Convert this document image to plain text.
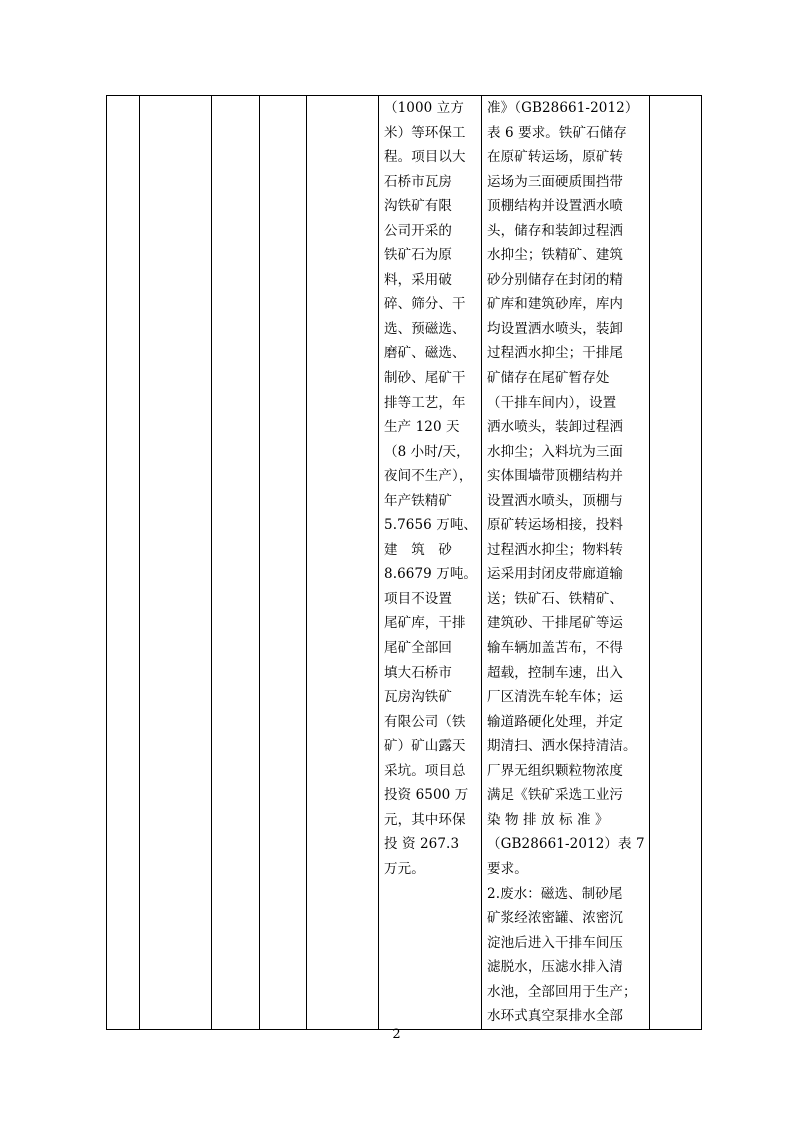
（1000 立方
米）等环保工
程。项目以大
石桥市瓦房
沟铁矿有限
公司开采的
铁矿石为原
料，采用破
碎、筛分、干
选、预磁选、
磨矿、磁选、
制砂、尾矿干
排等工艺，年
生产 120 天
（8 小时/天，
夜间不生产），
年产铁精矿
5.7656 万吨、
建　筑　砂
8.6679 万吨。
项目不设置
尾矿库，干排
尾矿全部回
填大石桥市
瓦房沟铁矿
有限公司（铁
矿）矿山露天
采坑。项目总
投资 6500 万
元，其中环保
投 资 267.3
万元。

准》（GB28661-2012）
表 6 要求。铁矿石储存
在原矿转运场，原矿转
运场为三面硬质围挡带
顶棚结构并设置洒水喷
头，储存和装卸过程洒
水抑尘；铁精矿、建筑
砂分别储存在封闭的精
矿库和建筑砂库，库内
均设置洒水喷头，装卸
过程洒水抑尘；干排尾
矿储存在尾矿暂存处
（干排车间内），设置
洒水喷头，装卸过程洒
水抑尘；入料坑为三面
实体围墙带顶棚结构并
设置洒水喷头，顶棚与
原矿转运场相接，投料
过程洒水抑尘；物料转
运采用封闭皮带廊道输
送；铁矿石、铁精矿、
建筑砂、干排尾矿等运
输车辆加盖苫布，不得
超载，控制车速，出入
厂区清洗车轮车体；运
输道路硬化处理，并定
期清扫、洒水保持清洁。
厂界无组织颗粒物浓度
满足《铁矿采选工业污
染 物 排 放 标 准 》
（GB28661-2012）表 7
要求。
2.废水：磁选、制砂尾
矿浆经浓密罐、浓密沉
淀池后进入干排车间压
滤脱水，压滤水排入清
水池，全部回用于生产；
水环式真空泵排水全部

2
